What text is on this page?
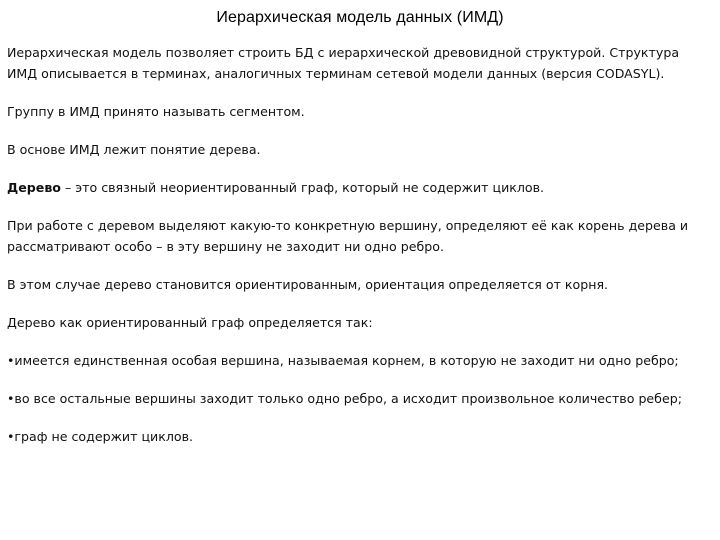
Иерархическая модель данных (ИМД)

Иерархическая модель позволяет строить БД с иерархической древовидной структурой. Структура ИМД описывается в терминах, аналогичных терминам сетевой модели данных (версия CODASYL).

Группу в ИМД принято называть сегментом.

В основе ИМД лежит понятие дерева.

Дерево – это связный неориентированный граф, который не содержит циклов.

При работе с деревом выделяют какую-то конкретную вершину, определяют её как корень дерева и рассматривают особо – в эту вершину не заходит ни одно ребро.

В этом случае дерево становится ориентированным, ориентация определяется от корня.

Дерево как ориентированный граф определяется так:

•имеется единственная особая вершина, называемая корнем, в которую не заходит ни одно ребро;

•во все остальные вершины заходит только одно ребро, а исходит произвольное количество ребер;

•граф не содержит циклов.
